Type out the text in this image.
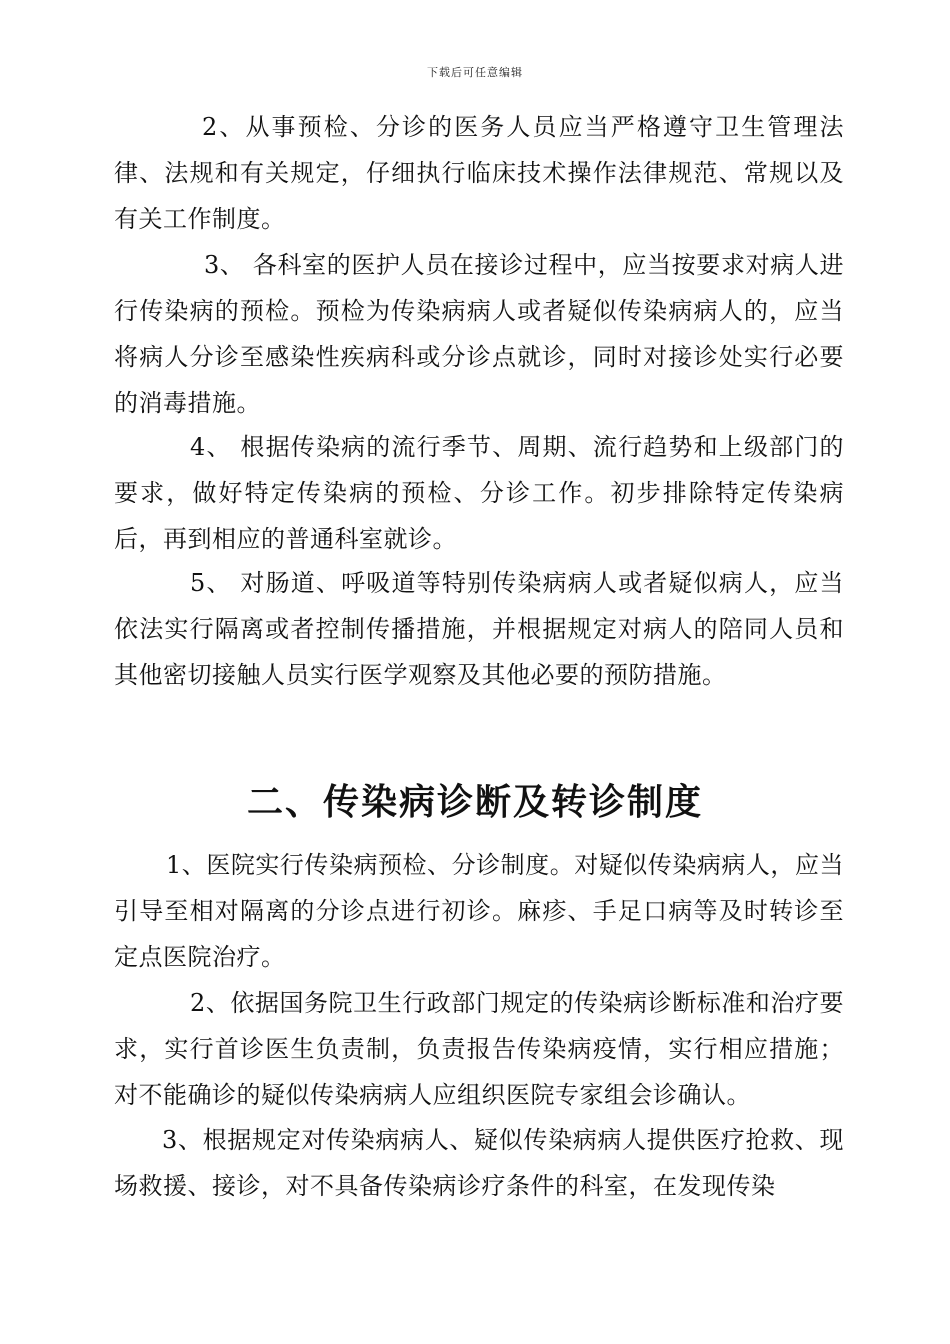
下载后可任意编辑
2、从事预检、分诊的医务人员应当严格遵守卫生管理法律、法规和有关规定，仔细执行临床技术操作法律规范、常规以及有关工作制度。
3、 各科室的医护人员在接诊过程中，应当按要求对病人进行传染病的预检。预检为传染病病人或者疑似传染病病人的，应当将病人分诊至感染性疾病科或分诊点就诊，同时对接诊处实行必要的消毒措施。
4、 根据传染病的流行季节、周期、流行趋势和上级部门的要求，做好特定传染病的预检、分诊工作。初步排除特定传染病后，再到相应的普通科室就诊。
5、 对肠道、呼吸道等特别传染病病人或者疑似病人，应当依法实行隔离或者控制传播措施，并根据规定对病人的陪同人员和其他密切接触人员实行医学观察及其他必要的预防措施。
二、传染病诊断及转诊制度
1、医院实行传染病预检、分诊制度。对疑似传染病病人，应当引导至相对隔离的分诊点进行初诊。麻疹、手足口病等及时转诊至定点医院治疗。
2、依据国务院卫生行政部门规定的传染病诊断标准和治疗要求，实行首诊医生负责制，负责报告传染病疫情，实行相应措施；对不能确诊的疑似传染病病人应组织医院专家组会诊确认。
3、根据规定对传染病病人、疑似传染病病人提供医疗抢救、现场救援、接诊，对不具备传染病诊疗条件的科室，在发现传染
